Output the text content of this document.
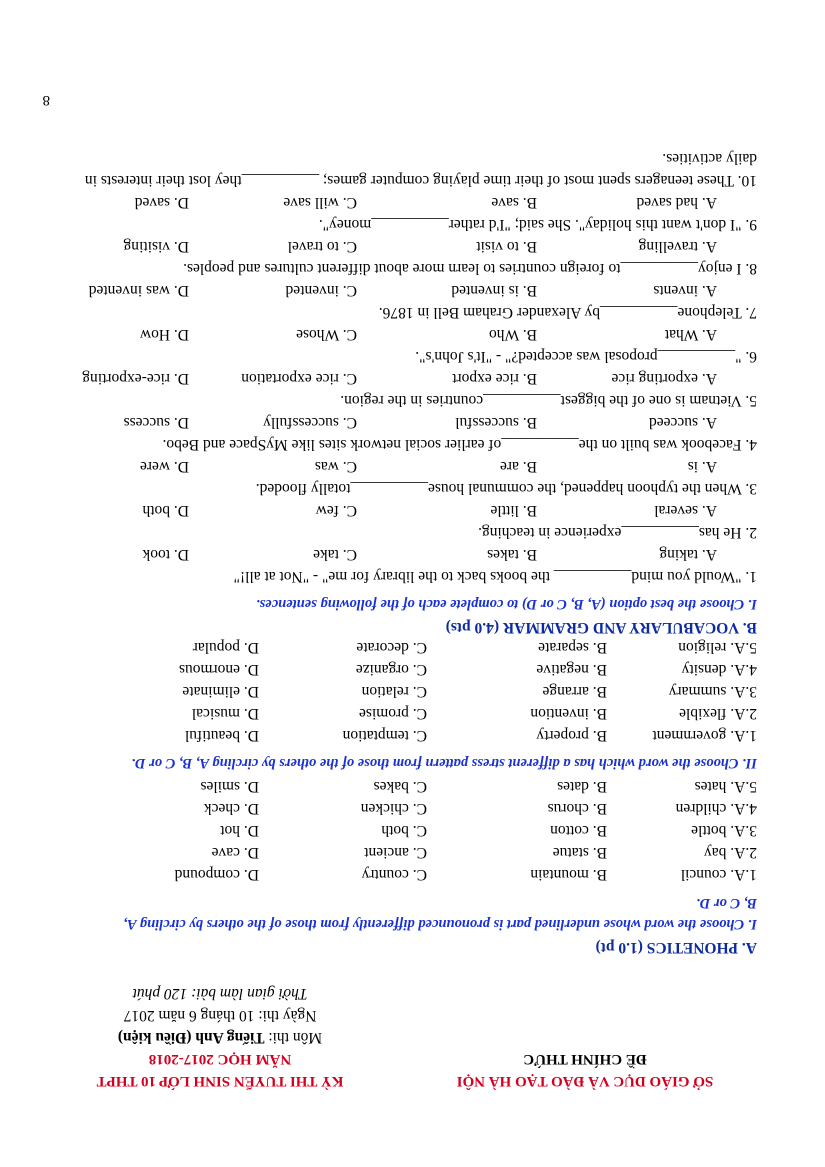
SỞ GIÁO DỤC VÀ ĐÀO TẠO HÀ NỘI
ĐỀ CHÍNH THỨC
KỲ THI TUYỂN SINH LỚP 10 THPT
NĂM HỌC 2017-2018
Môn thi: Tiếng Anh (Điều kiện)
Ngày thi: 10 tháng 6 năm 2017
Thời gian làm bài: 120 phút
A. PHONETICS (1.0 pt)
I. Choose the word whose underlined part is pronounced differently from those of the others by circling A,
B, C or D.
1.A. council
B. mountain
C. country
D. compound
2.A. bay
B. statue
C. ancient
D. cave
3.A. bottle
B. cotton
C. both
D. hot
4.A. children
B. chorus
C. chicken
D. check
5.A. hates
B. dates
C. bakes
D. smiles
II. Choose the word which has a different stress pattern from those of the others by circling A, B, C or D.
1.A. government
B. property
C. temptation
D. beautiful
2.A. flexible
B. invention
C. promise
D. musical
3.A. summary
B. arrange
C. relation
D. eliminate
4.A. density
B. negative
C. organize
D. enormous
5.A. religion
B. separate
C. decorate
D. popular
B. VOCABULARY AND GRAMMAR (4.0 pts)
I. Choose the best option (A, B, C or D) to complete each of the following sentences.
1. "Would you mind__________ the books back to the library for me" - "Not at all!"
A. taking
B. takes
C. take
D. took
2. He has__________experience in teaching.
A. several
B. little
C. few
D. both
3. When the typhoon happened, the communal house__________totally flooded.
A. is
B. are
C. was
D. were
4. Facebook was built on the__________of earlier social network sites like MySpace and Bebo.
A. succeed
B. successful
C. successfully
D. success
5. Vietnam is one of the biggest__________countries in the region.
A. exporting rice
B. rice export
C. rice exportation
D. rice-exporting
6. "__________proposal was accepted?" - "It's John's".
A. What
B. Who
C. Whose
D. How
7. Telephone__________by Alexander Graham Bell in 1876.
A. invents
B. is invented
C. invented
D. was invented
8. I enjoy__________to foreign countries to learn more about different cultures and peoples.
A. travelling
B. to visit
C. to travel
D. visiting
9. "I don't want this holiday". She said; "I'd rather__________money".
A. had saved
B. save
C. will save
D. saved
10. These teenagers spent most of their time playing computer games; __________they lost their interests in
daily activities.
8
